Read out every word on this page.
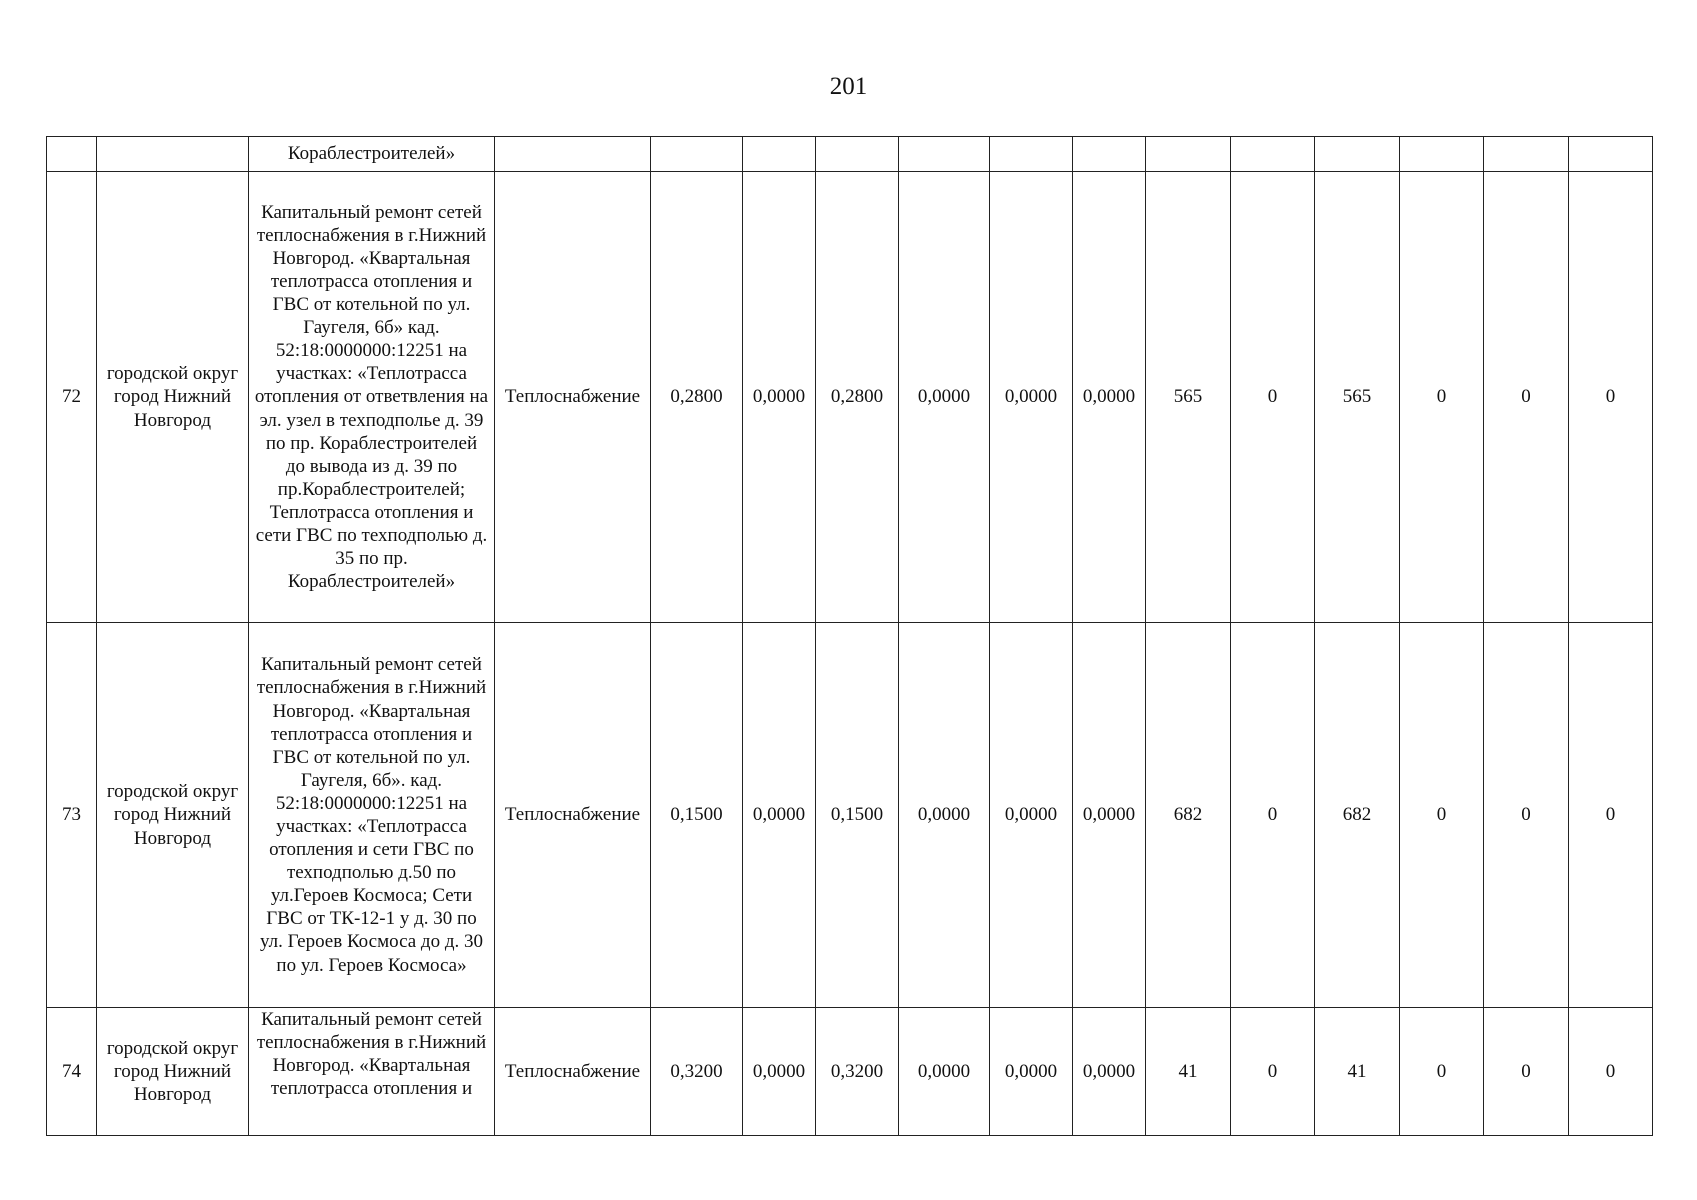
201

		Кораблестроителей»													

72	городской округ город Нижний Новгород	Капитальный ремонт сетей теплоснабжения в г.Нижний Новгород. «Квартальная теплотрасса отопления и ГВС от котельной по ул. Гаугеля, 6б» кад. 52:18:0000000:12251 на участках: «Теплотрасса отопления от ответвления на эл. узел в техподполье д. 39 по пр. Кораблестроителей до вывода из д. 39 по пр.Кораблестроителей; Теплотрасса отопления и сети ГВС по техподполью д. 35 по пр. Кораблестроителей»	Теплоснабжение	0,2800	0,0000	0,2800	0,0000	0,0000	0,0000	565	0	565	0	0	0
73	городской округ город Нижний Новгород	Капитальный ремонт сетей теплоснабжения в г.Нижний Новгород. «Квартальная теплотрасса отопления и ГВС от котельной по ул. Гаугеля, 6б». кад. 52:18:0000000:12251 на участках: «Теплотрасса отопления и сети ГВС по техподполью д.50 по ул.Героев Космоса; Сети ГВС от ТК-12-1 у д. 30 по ул. Героев Космоса до д. 30 по ул. Героев Космоса»	Теплоснабжение	0,1500	0,0000	0,1500	0,0000	0,0000	0,0000	682	0	682	0	0	0
74	городской округ город Нижний Новгород	Капитальный ремонт сетей теплоснабжения в г.Нижний Новгород. «Квартальная теплотрасса отопления и	Теплоснабжение	0,3200	0,0000	0,3200	0,0000	0,0000	0,0000	41	0	41	0	0	0
